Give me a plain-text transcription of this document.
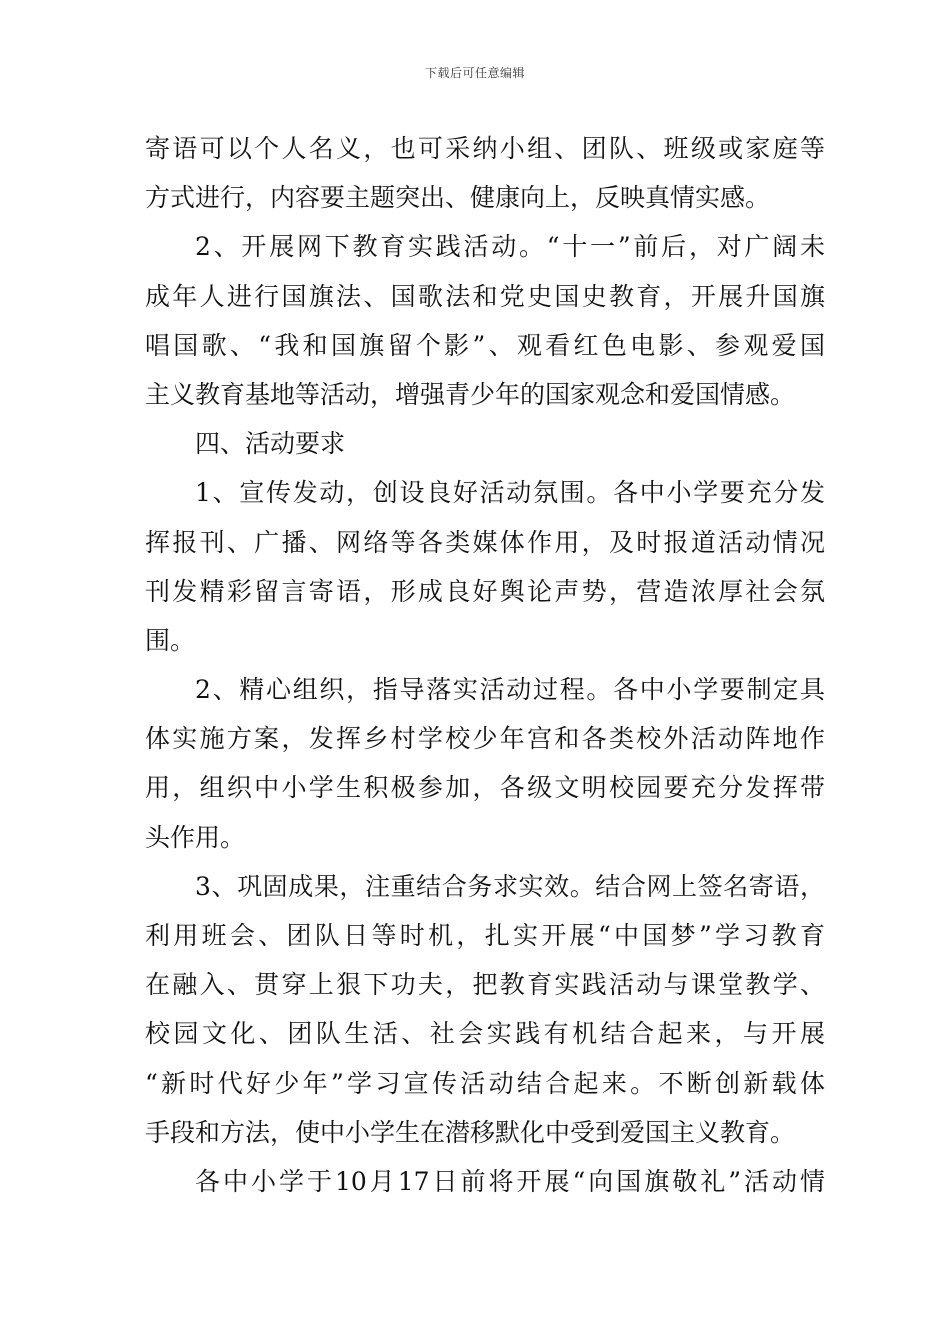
下载后可任意编辑
寄语可以个人名义，也可采纳小组、团队、班级或家庭等
方式进行，内容要主题突出、健康向上，反映真情实感。
2、开展网下教育实践活动。“十一”前后，对广阔未
成年人进行国旗法、国歌法和党史国史教育，开展升国旗
唱国歌、“我和国旗留个影”、观看红色电影、参观爱国
主义教育基地等活动，增强青少年的国家观念和爱国情感。
四、活动要求
1、宣传发动，创设良好活动氛围。各中小学要充分发
挥报刊、广播、网络等各类媒体作用，及时报道活动情况
刊发精彩留言寄语，形成良好舆论声势，营造浓厚社会氛
围。
2、精心组织，指导落实活动过程。各中小学要制定具
体实施方案，发挥乡村学校少年宫和各类校外活动阵地作
用，组织中小学生积极参加，各级文明校园要充分发挥带
头作用。
3、巩固成果，注重结合务求实效。结合网上签名寄语，
利用班会、团队日等时机，扎实开展“中国梦”学习教育
在融入、贯穿上狠下功夫，把教育实践活动与课堂教学、
校园文化、团队生活、社会实践有机结合起来，与开展
“新时代好少年”学习宣传活动结合起来。不断创新载体
手段和方法，使中小学生在潜移默化中受到爱国主义教育。
各中小学于10月17日前将开展“向国旗敬礼”活动情
